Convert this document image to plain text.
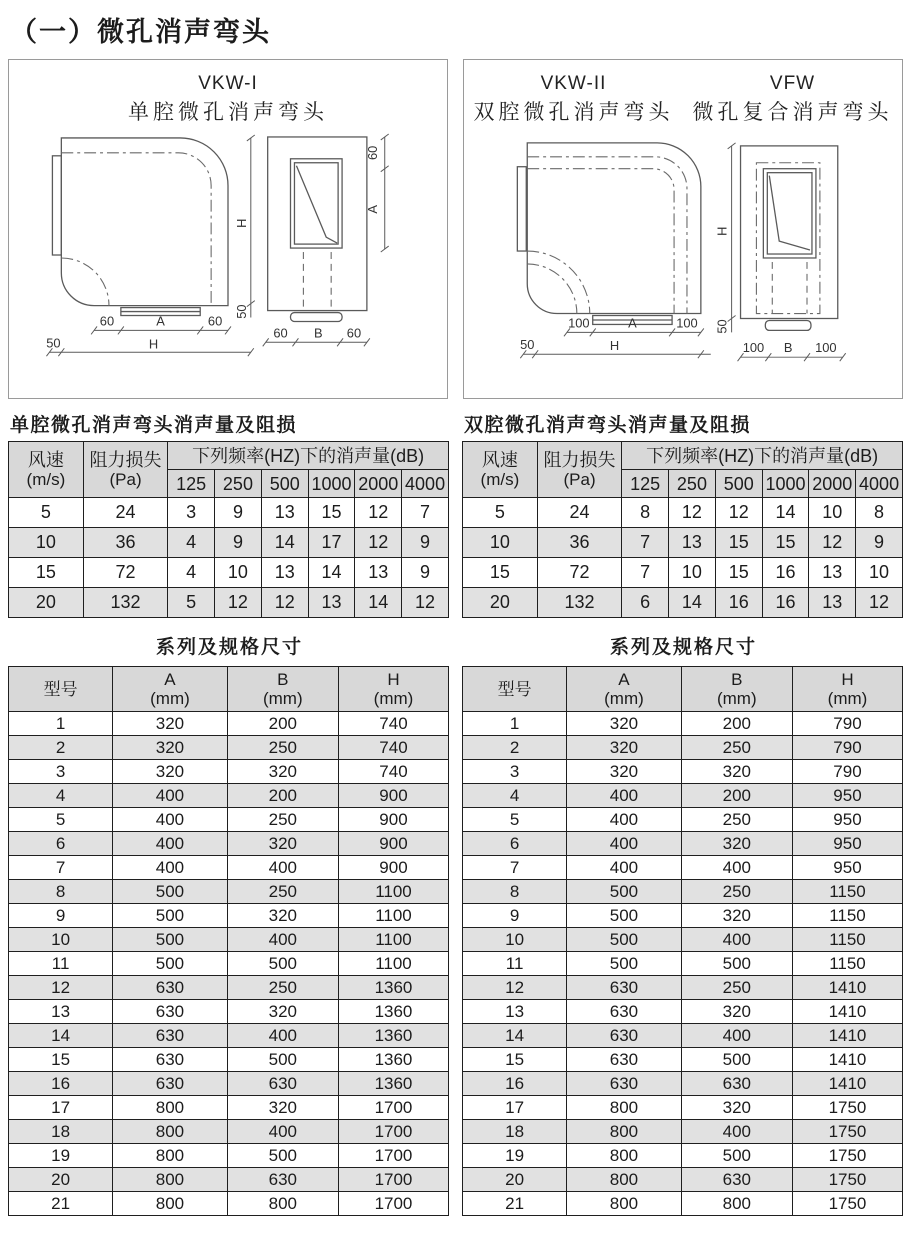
（一）微孔消声弯头
VKW-I
单腔微孔消声弯头
60	A	60
50	H
H
50
60
A
60 B 60
VKW-II
双腔微孔消声弯头
VFW
微孔复合消声弯头
100	A	100
50	H
H
50
100 B 100
单腔微孔消声弯头消声量及阻损
风速
(m/s)

阻力损失
(Pa)
	下列频率(HZ)下的消声量(dB)
		125	250	500	1000	2000	4000
5	24	3	9	13	15	12	7
10	36	4	9	14	17	12	9
15	72	4	10	13	14	13	9
20	132	5	12	12	13	14	12
双腔微孔消声弯头消声量及阻损
风速
(m/s)

阻力损失
(Pa)
	下列频率(HZ)下的消声量(dB)
		125	250	500	1000	2000	4000
5	24	8	12	12	14	10	8
10	36	7	13	15	15	12	9
15	72	7	10	15	16	13	10
20	132	6	14	16	16	13	12
系列及规格尺寸
型号	A
(mm)

B
(mm)

H
(mm)

1	320	200	740
2	320	250	740
3	320	320	740
4	400	200	900
5	400	250	900
6	400	320	900
7	400	400	900
8	500	250	1100
9	500	320	1100
10	500	400	1100
11	500	500	1100
12	630	250	1360
13	630	320	1360
14	630	400	1360
15	630	500	1360
16	630	630	1360
17	800	320	1700
18	800	400	1700
19	800	500	1700
20	800	630	1700
21	800	800	1700
系列及规格尺寸
型号	A
(mm)

B
(mm)

H
(mm)

1	320	200	790
2	320	250	790
3	320	320	790
4	400	200	950
5	400	250	950
6	400	320	950
7	400	400	950
8	500	250	1150
9	500	320	1150
10	500	400	1150
11	500	500	1150
12	630	250	1410
13	630	320	1410
14	630	400	1410
15	630	500	1410
16	630	630	1410
17	800	320	1750
18	800	400	1750
19	800	500	1750
20	800	630	1750
21	800	800	1750
